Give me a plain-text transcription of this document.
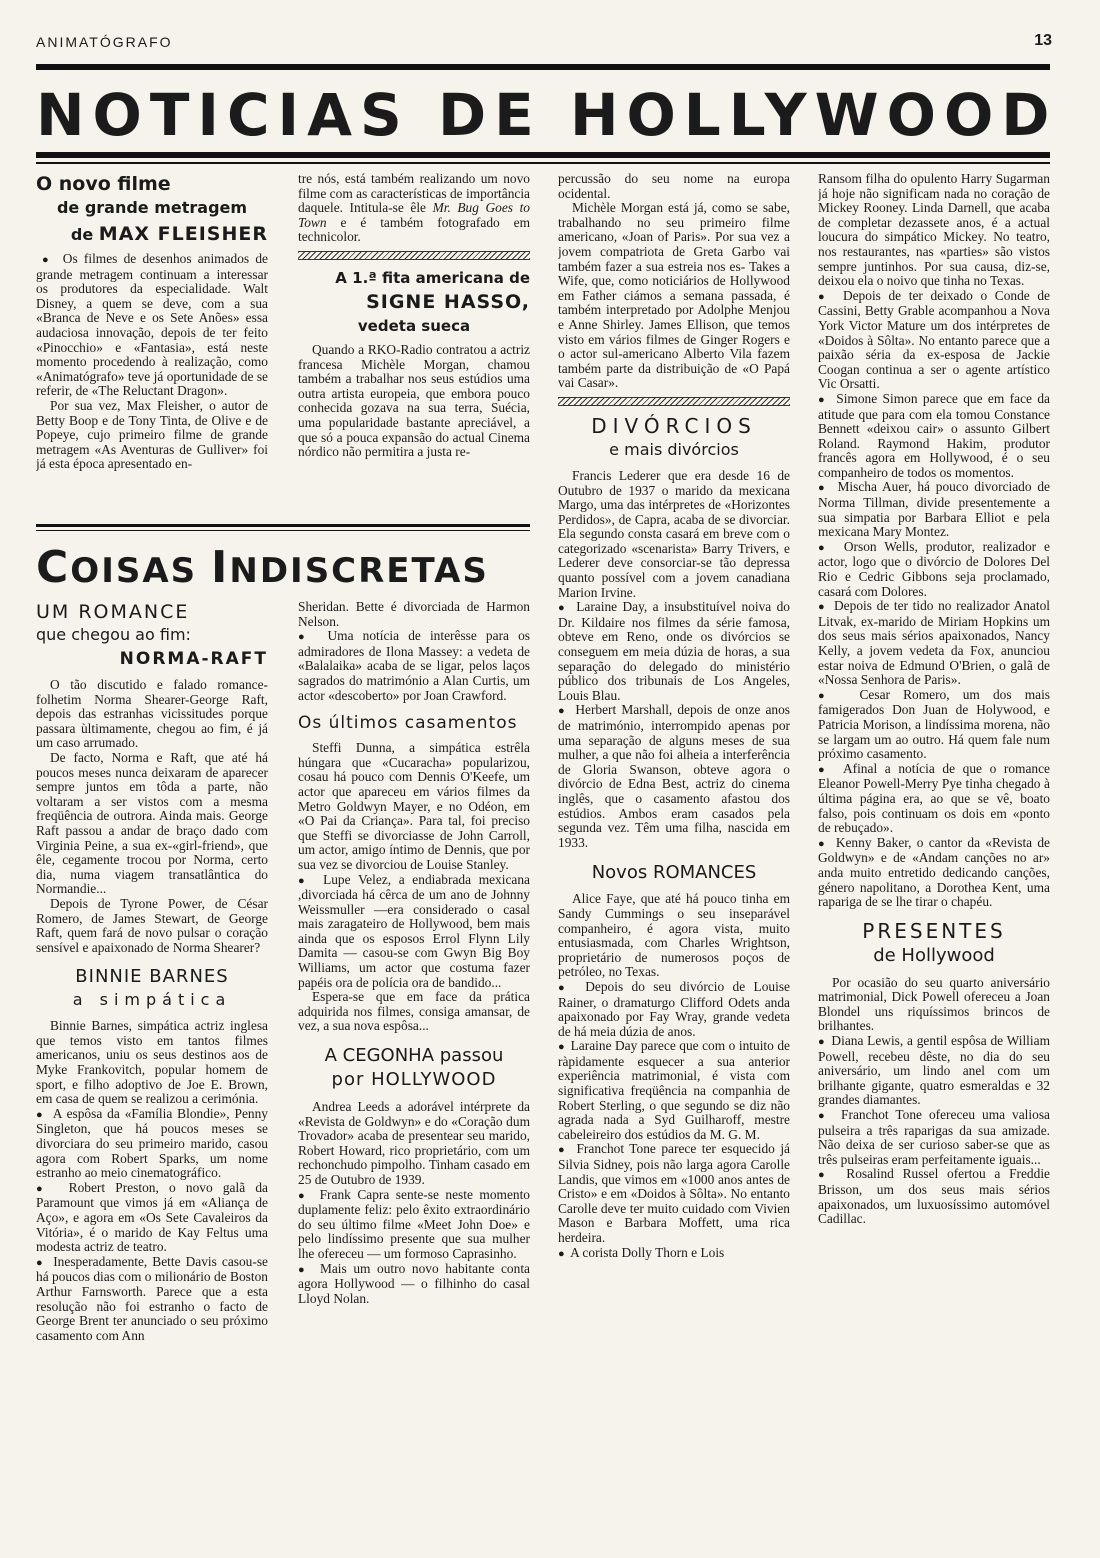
ANIMATÓGRAFO	13
NOTICIAS DE HOLLYWOOD
O novo filme
de grande metragem
de MAX FLEISHER

●  Os filmes de desenhos animados de grande metragem continuam a interessar os produtores da especialidade. Walt Disney, a quem se deve, com a sua «Branca de Neve e os Sete Anões» essa audaciosa innovação, depois de ter feito «Pinocchio» e «Fantasia», está neste momento procedendo à realização, como «Animatógrafo» teve já oportunidade de se referir, de «The Reluctant Dragon».

Por sua vez, Max Fleisher, o autor de Betty Boop e de Tony Tinta, de Olive e de Popeye, cujo primeiro filme de grande metragem «As Aventuras de Gulliver» foi já esta época apresentado en-

tre nós, está também realizando um novo filme com as características de importância daquele. Intitula-se êle Mr. Bug Goes to Town e é também fotografado em technicolor.

A 1.ª fita americana de
SIGNE HASSO,
vedeta sueca

Quando a RKO-Radio contratou a actriz francesa Michèle Morgan, chamou também a trabalhar nos seus estúdios uma outra artista europeia, que embora pouco conhecida gozava na sua terra, Suécia, uma popularidade bastante apreciável, a que só a pouca expansão do actual Cinema nórdico não permitira a justa re-

COISAS INDISCRETAS
UM ROMANCE
que chegou ao fim:
NORMA-RAFT

O tão discutido e falado romance-folhetim Norma Shearer-George Raft, depois das estranhas vicissitudes porque passara ùltimamente, chegou ao fim, é já um caso arrumado.

De facto, Norma e Raft, que até há poucos meses nunca deixaram de aparecer sempre juntos em tôda a parte, não voltaram a ser vistos com a mesma freqüência de outrora. Ainda mais. George Raft passou a andar de braço dado com Virginia Peine, a sua ex-«girl-friend», que êle, cegamente trocou por Norma, certo dia, numa viagem transatlântica do Normandie...

Depois de Tyrone Power, de César Romero, de James Stewart, de George Raft, quem fará de novo pulsar o coração sensível e apaixonado de Norma Shearer?

BINNIE BARNES
a simpática

Binnie Barnes, simpática actriz inglesa que temos visto em tantos filmes americanos, uniu os seus destinos aos de Myke Frankovitch, popular homem de sport, e filho adoptivo de Joe E. Brown, em casa de quem se realizou a cerimónia.

●  A espôsa da «Família Blondie», Penny Singleton, que há poucos meses se divorciara do seu primeiro marido, casou agora com Robert Sparks, um nome estranho ao meio cinematográfico.

●  Robert Preston, o novo galã da Paramount que vimos já em «Aliança de Aço», e agora em «Os Sete Cavaleiros da Vitória», é o marido de Kay Feltus uma modesta actriz de teatro.

●  Inesperadamente, Bette Davis casou-se há poucos dias com o milionário de Boston Arthur Farnsworth. Parece que a esta resolução não foi estranho o facto de George Brent ter anunciado o seu próximo casamento com Ann

Sheridan. Bette é divorciada de Harmon Nelson.

●  Uma notícia de interêsse para os admiradores de Ilona Massey: a vedeta de «Balalaika» acaba de se ligar, pelos laços sagrados do matrimónio a Alan Curtis, um actor «descoberto» por Joan Crawford.

Os últimos casamentos

Steffi Dunna, a simpática estrêla húngara que «Cucaracha» popularizou, cosau há pouco com Dennis O'Keefe, um actor que apareceu em vários filmes da Metro Goldwyn Mayer, e no Odéon, em «O Pai da Criança». Para tal, foi preciso que Steffi se divorciasse de John Carroll, um actor, amigo íntimo de Dennis, que por sua vez se divorciou de Louise Stanley.

●  Lupe Velez, a endiabrada mexicana ,divorciada há cêrca de um ano de Johnny Weissmuller —era considerado o casal mais zaragateiro de Hollywood, bem mais ainda que os esposos Errol Flynn Lily Damita — casou-se com Gwyn Big Boy Williams, um actor que costuma fazer papéis ora de polícia ora de bandido...

Espera-se que em face da prática adquirida nos filmes, consiga amansar, de vez, a sua nova espôsa...

A CEGONHA passou
por HOLLYWOOD

Andrea Leeds a adorável intérprete da «Revista de Goldwyn» e do «Coração dum Trovador» acaba de presentear seu marido, Robert Howard, rico proprietário, com um rechonchudo pimpolho. Tinham casado em 25 de Outubro de 1939.

●  Frank Capra sente-se neste momento duplamente feliz: pelo êxito extraordinário do seu último filme «Meet John Doe» e pelo lindíssimo presente que sua mulher lhe ofereceu — um formoso Caprasinho.

●  Mais um outro novo habitante conta agora Hollywood — o filhinho do casal Lloyd Nolan.

percussão do seu nome na europa ocidental.

Michèle Morgan está já, como se sabe, trabalhando no seu primeiro filme americano, «Joan of Paris». Por sua vez a jovem compatriota de Greta Garbo vai também fazer a sua estreia nos es- Takes a Wife, que, como noticiários de Hollywood em Father ciámos a semana passada, é também interpretado por Adolphe Menjou e Anne Shirley. James Ellison, que temos visto em vários filmes de Ginger Rogers e o actor sul-americano Alberto Vila fazem também parte da distribuição de «O Papá vai Casar».

DIVÓRCIOS
e mais divórcios

Francis Lederer que era desde 16 de Outubro de 1937 o marido da mexicana Margo, uma das intérpretes de «Horizontes Perdidos», de Capra, acaba de se divorciar. Ela segundo consta casará em breve com o categorizado «scenarista» Barry Trivers, e Lederer deve consorciar-se tão depressa quanto possível com a jovem canadiana Marion Irvine.

●  Laraine Day, a insubstituível noiva do Dr. Kildaire nos filmes da série famosa, obteve em Reno, onde os divórcios se conseguem em meia dúzia de horas, a sua separação do delegado do ministério público dos tribunais de Los Angeles, Louis Blau.

●  Herbert Marshall, depois de onze anos de matrimónio, interrompido apenas por uma separação de alguns meses de sua mulher, a que não foi alheia a interferência de Gloria Swanson, obteve agora o divórcio de Edna Best, actriz do cinema inglês, que o casamento afastou dos estúdios. Ambos eram casados pela segunda vez. Têm uma filha, nascida em 1933.

Novos ROMANCES

Alice Faye, que até há pouco tinha em Sandy Cummings o seu inseparável companheiro, é agora vista, muito entusiasmada, com Charles Wrightson, proprietário de numerosos poços de petróleo, no Texas.

●  Depois do seu divórcio de Louise Rainer, o dramaturgo Clifford Odets anda apaixonado por Fay Wray, grande vedeta de há meia dúzia de anos.

●  Laraine Day parece que com o intuito de ràpidamente esquecer a sua anterior experiência matrimonial, é vista com significativa freqüência na companhia de Robert Sterling, o que segundo se diz não agrada nada a Syd Guilharoff, mestre cabeleireiro dos estúdios da M. G. M.

●  Franchot Tone parece ter esquecido já Silvia Sidney, pois não larga agora Carolle Landis, que vimos em «1000 anos antes de Cristo» e em «Doidos à Sôlta». No entanto Carolle deve ter muito cuidado com Vivien Mason e Barbara Moffett, uma rica herdeira.

●  A corista Dolly Thorn e Lois

Ransom filha do opulento Harry Sugarman já hoje não significam nada no coração de Mickey Rooney. Linda Darnell, que acaba de completar dezassete anos, é a actual loucura do simpático Mickey. No teatro, nos restaurantes, nas «parties» são vistos sempre juntinhos. Por sua causa, diz-se, deixou ela o noivo que tinha no Texas.

●  Depois de ter deixado o Conde de Cassini, Betty Grable acompanhou a Nova York Victor Mature um dos intérpretes de «Doidos à Sôlta». No entanto parece que a paixão séria da ex-esposa de Jackie Coogan continua a ser o agente artístico Vic Orsatti.

●  Simone Simon parece que em face da atitude que para com ela tomou Constance Bennett «deixou cair» o assunto Gilbert Roland. Raymond Hakim, produtor francês agora em Hollywood, é o seu companheiro de todos os momentos.

●  Mischa Auer, há pouco divorciado de Norma Tillman, divide presentemente a sua simpatia por Barbara Elliot e pela mexicana Mary Montez.

●  Orson Wells, produtor, realizador e actor, logo que o divórcio de Dolores Del Rio e Cedric Gibbons seja proclamado, casará com Dolores.

●  Depois de ter tido no realizador Anatol Litvak, ex-marido de Miriam Hopkins um dos seus mais sérios apaixonados, Nancy Kelly, a jovem vedeta da Fox, anunciou estar noiva de Edmund O'Brien, o galã de «Nossa Senhora de Paris».

●  Cesar Romero, um dos mais famigerados Don Juan de Holywood, e Patricia Morison, a lindíssima morena, não se largam um ao outro. Há quem fale num próximo casamento.

●  Afinal a notícia de que o romance Eleanor Powell-Merry Pye tinha chegado à última página era, ao que se vê, boato falso, pois continuam os dois em «ponto de rebuçado».

●  Kenny Baker, o cantor da «Revista de Goldwyn» e de «Andam canções no ar» anda muito entretido dedicando canções, género napolitano, a Dorothea Kent, uma rapariga de se lhe tirar o chapéu.

PRESENTES
de Hollywood

Por ocasião do seu quarto aniversário matrimonial, Dick Powell ofereceu a Joan Blondel uns riquíssimos brincos de brilhantes.

●  Diana Lewis, a gentil espôsa de William Powell, recebeu dêste, no dia do seu aniversário, um lindo anel com um brilhante gigante, quatro esmeraldas e 32 grandes diamantes.

●  Franchot Tone ofereceu uma valiosa pulseira a três raparigas da sua amizade. Não deixa de ser curioso saber-se que as três pulseiras eram perfeitamente iguais...

●  Rosalind Russel ofertou a Freddie Brisson, um dos seus mais sérios apaixonados, um luxuosíssimo automóvel Cadillac.
